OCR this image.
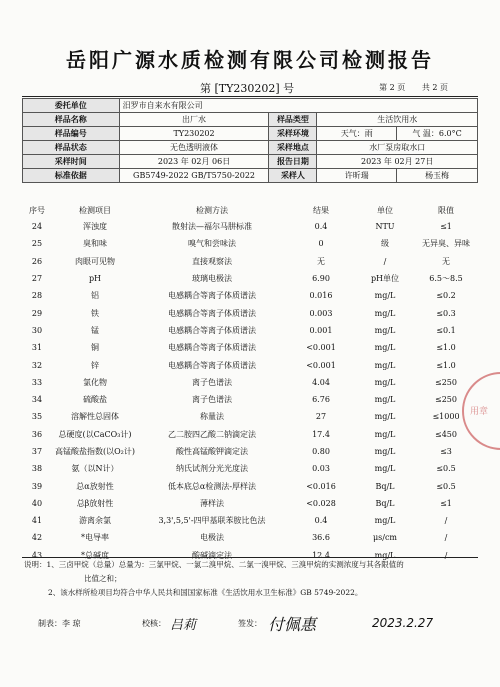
岳阳广源水质检测有限公司检测报告
第 [TY230202] 号	第 2 页 共 2 页
委托单位	汨罗市自来水有限公司			
样品名称	出厂水	样品类型	生活饮用水	
样品编号	TY230202	采样环境	天气：雨	气 温：6.0°C
样品状态	无色透明液体	采样地点	水厂泵房取水口	
采样时间	2023 年 02月 06日	报告日期	2023 年 02月 27日	
标准依据	GB5749-2022 GB/T5750-2022	采样人	许昕瑞	杨玉梅
序号	检测项目	检测方法	结果	单位	限值
24	浑浊度	散射法—福尔马肼标准	0.4	NTU	≤1
25	臭和味	嗅气和尝味法	0	级	无异臭、异味
26	肉眼可见物	直接观察法	无	/	无
27	pH	玻璃电极法	6.90	pH单位	6.5～8.5
28	铝	电感耦合等离子体质谱法	0.016	mg/L	≤0.2
29	铁	电感耦合等离子体质谱法	0.003	mg/L	≤0.3
30	锰	电感耦合等离子体质谱法	0.001	mg/L	≤0.1
31	铜	电感耦合等离子体质谱法	<0.001	mg/L	≤1.0
32	锌	电感耦合等离子体质谱法	<0.001	mg/L	≤1.0
33	氯化物	离子色谱法	4.04	mg/L	≤250
34	硫酸盐	离子色谱法	6.76	mg/L	≤250
35	溶解性总固体	称量法	27	mg/L	≤1000
36	总硬度(以CaCO₃计)	乙二胺四乙酸二钠滴定法	17.4	mg/L	≤450
37	高锰酸盐指数(以O₂计)	酸性高锰酸钾滴定法	0.80	mg/L	≤3
38	氨（以N计）	纳氏试剂分光光度法	0.03	mg/L	≤0.5
39	总α放射性	低本底总α检测法-厚样法	<0.016	Bq/L	≤0.5
40	总β放射性	薄样法	<0.028	Bq/L	≤1
41	游离余氯	3,3',5,5'-四甲基联苯胺比色法	0.4	mg/L	/
42	*电导率	电极法	36.6	μs/cm	/
43	*总碱度	酸碱滴定法	12.4	mg/L	/
说明：1、三卤甲烷（总量）总量为：三氯甲烷、一氯二溴甲烷、二氯一溴甲烷、三溴甲烷的实测浓度与其各限值的
比值之和；
2、该水样所检项目均符合中华人民共和国国家标准《生活饮用水卫生标准》GB 5749-2022。
制表：李 琼	校核： 吕莉	签发： 付佩惠	2023.2.27
用章
